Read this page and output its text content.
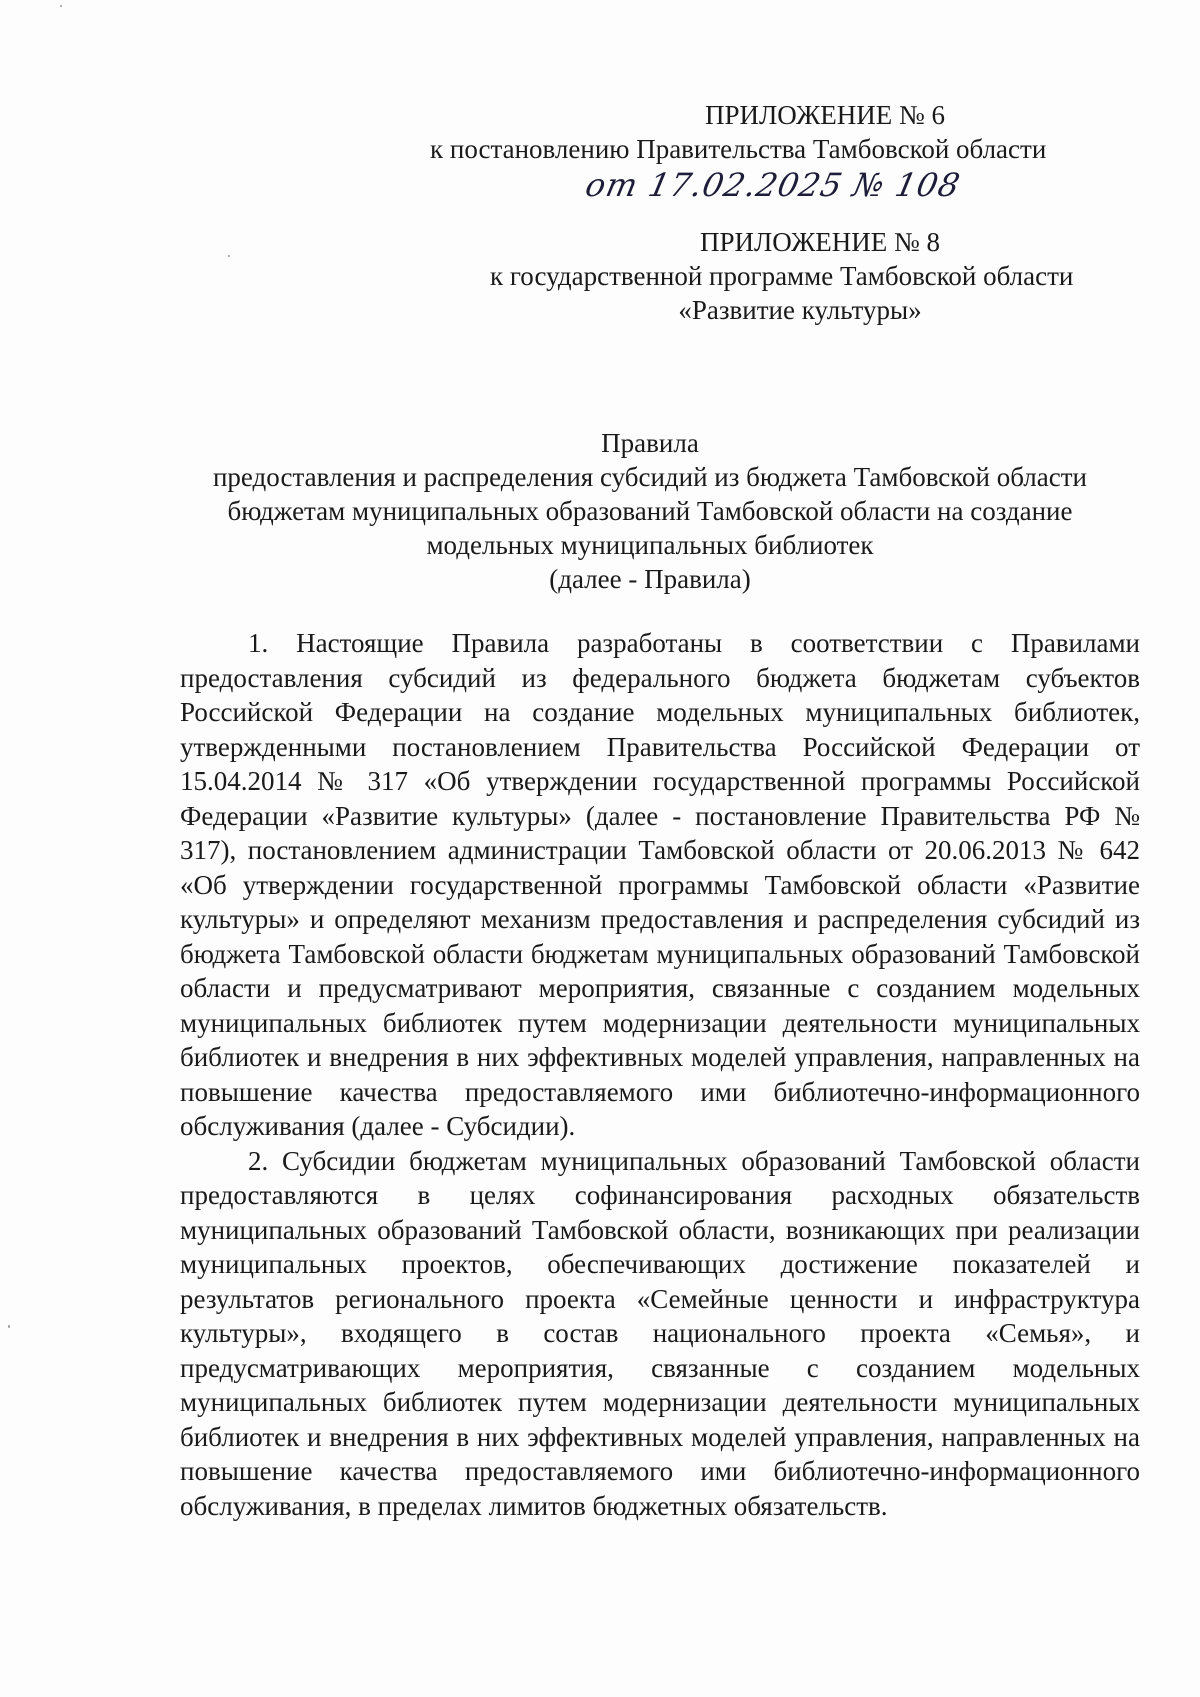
ПРИЛОЖЕНИЕ № 6
к постановлению Правительства Тамбовской области
от 17.02.2025 № 108
ПРИЛОЖЕНИЕ № 8
к государственной программе Тамбовской области
«Развитие культуры»
Правила
предоставления и распределения субсидий из бюджета Тамбовской области
бюджетам муниципальных образований Тамбовской области на создание
модельных муниципальных библиотек
(далее - Правила)

1. Настоящие Правила разработаны в соответствии с Правилами предоставления субсидий из федерального бюджета бюджетам субъектов Российской Федерации на создание модельных муниципальных библиотек, утвержденными постановлением Правительства Российской Федерации от 15.04.2014 № 317 «Об утверждении государственной программы Российской Федерации «Развитие культуры» (далее - постановление Правительства РФ № 317), постановлением администрации Тамбовской области от 20.06.2013 № 642 «Об утверждении государственной программы Тамбовской области «Развитие культуры» и определяют механизм предоставления и распределения субсидий из бюджета Тамбовской области бюджетам муниципальных образований Тамбовской области и предусматривают мероприятия, связанные с созданием модельных муниципальных библиотек путем модернизации деятельности муниципальных библиотек и внедрения в них эффективных моделей управления, направленных на повышение качества предоставляемого ими библиотечно-информационного обслуживания (далее - Субсидии).

2. Субсидии бюджетам муниципальных образований Тамбовской области предоставляются в целях софинансирования расходных обязательств муниципальных образований Тамбовской области, возникающих при реализации муниципальных проектов, обеспечивающих достижение показателей и результатов регионального проекта «Семейные ценности и инфраструктура культуры», входящего в состав национального проекта «Семья», и предусматривающих мероприятия, связанные с созданием модельных муниципальных библиотек путем модернизации деятельности муниципальных библиотек и внедрения в них эффективных моделей управления, направленных на повышение качества предоставляемого ими библиотечно-информационного обслуживания, в пределах лимитов бюджетных обязательств.
